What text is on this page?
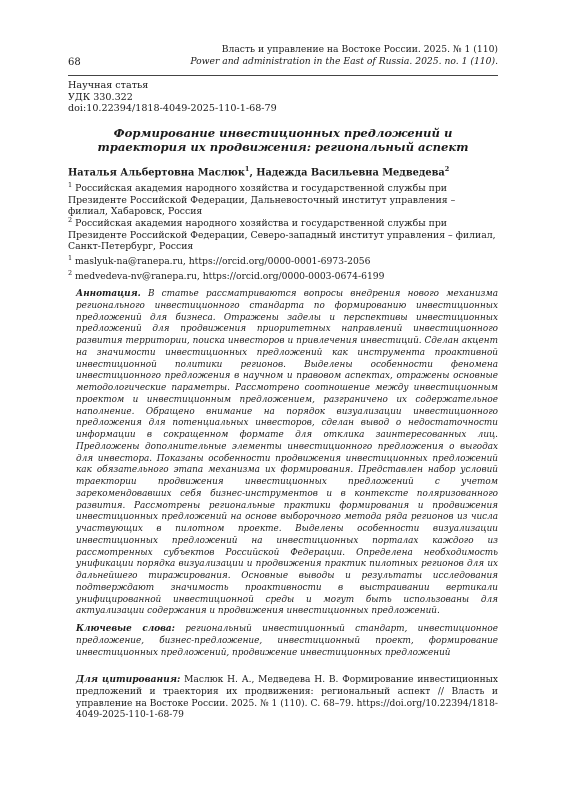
68
Власть и управление на Востоке России. 2025. № 1 (110)
Power and administration in the East of Russia. 2025. no. 1 (110).
Научная статья
УДК 330.322
doi:10.22394/1818-4049-2025-110-1-68-79
Формирование инвестиционных предложений и
траектория их продвижения: региональный аспект
Наталья Альбертовна Маслюк$^1$, Надежда Васильевна Медведева$^2$
$^1$ Российская академия народного хозяйства и государственной службы при Президенте Российской Федерации, Дальневосточный институт управления – филиал, Хабаровск, Россия
$^2$ Российская академия народного хозяйства и государственной службы при Президенте Российской Федерации, Северо-западный институт управления – филиал, Санкт-Петербург, Россия
$^1$ maslyuk-na@ranepa.ru, https://orcid.org/0000-0001-6973-2056
$^2$ medvedeva-nv@ranepa.ru, https://orcid.org/0000-0003-0674-6199
Аннотация. В статье рассматриваются вопросы внедрения нового механизма регионального инвестиционного стандарта по формированию инвестиционных предложений для бизнеса. Отражены заделы и перспективы инвестиционных предложений для продвижения приоритетных направлений инвестиционного развития территории, поиска инвесторов и привлечения инвестиций. Сделан акцент на значимости инвестиционных предложений как инструмента проактивной инвестиционной политики регионов. Выделены особенности феномена инвестиционного предложения в научном и правовом аспектах, отражены основные методологические параметры. Рассмотрено соотношение между инвестиционным проектом и инвестиционным предложением, разграничено их содержательное наполнение. Обращено внимание на порядок визуализации инвестиционного предложения для потенциальных инвесторов, сделан вывод о недостаточности информации в сокращенном формате для отклика заинтересованных лиц. Предложены дополнительные элементы инвестиционного предложения о выгодах для инвестора. Показаны особенности продвижения инвестиционных предложений как обязательного этапа механизма их формирования. Представлен набор условий траектории продвижения инвестиционных предложений с учетом зарекомендовавших себя бизнес-инструментов и в контексте поляризованного развития. Рассмотрены региональные практики формирования и продвижения инвестиционных предложений на основе выборочного метода ряда регионов из числа участвующих в пилотном проекте. Выделены особенности визуализации инвестиционных предложений на инвестиционных порталах каждого из рассмотренных субъектов Российской Федерации. Определена необходимость унификации порядка визуализации и продвижения практик пилотных регионов для их дальнейшего тиражирования. Основные выводы и результаты исследования подтверждают значимость проактивности в выстраивании вертикали унифицированной инвестиционной среды и могут быть использованы для актуализации содержания и продвижения инвестиционных предложений.
Ключевые слова: региональный инвестиционный стандарт, инвестиционное предложение, бизнес-предложение, инвестиционный проект, формирование инвестиционных предложений, продвижение инвестиционных предложений
Для цитирования: Маслюк Н. А., Медведева Н. В. Формирование инвестиционных предложений и траектория их продвижения: региональный аспект // Власть и управление на Востоке России. 2025. № 1 (110). С. 68–79. https://doi.org/10.22394/1818-4049-2025-110-1-68-79
